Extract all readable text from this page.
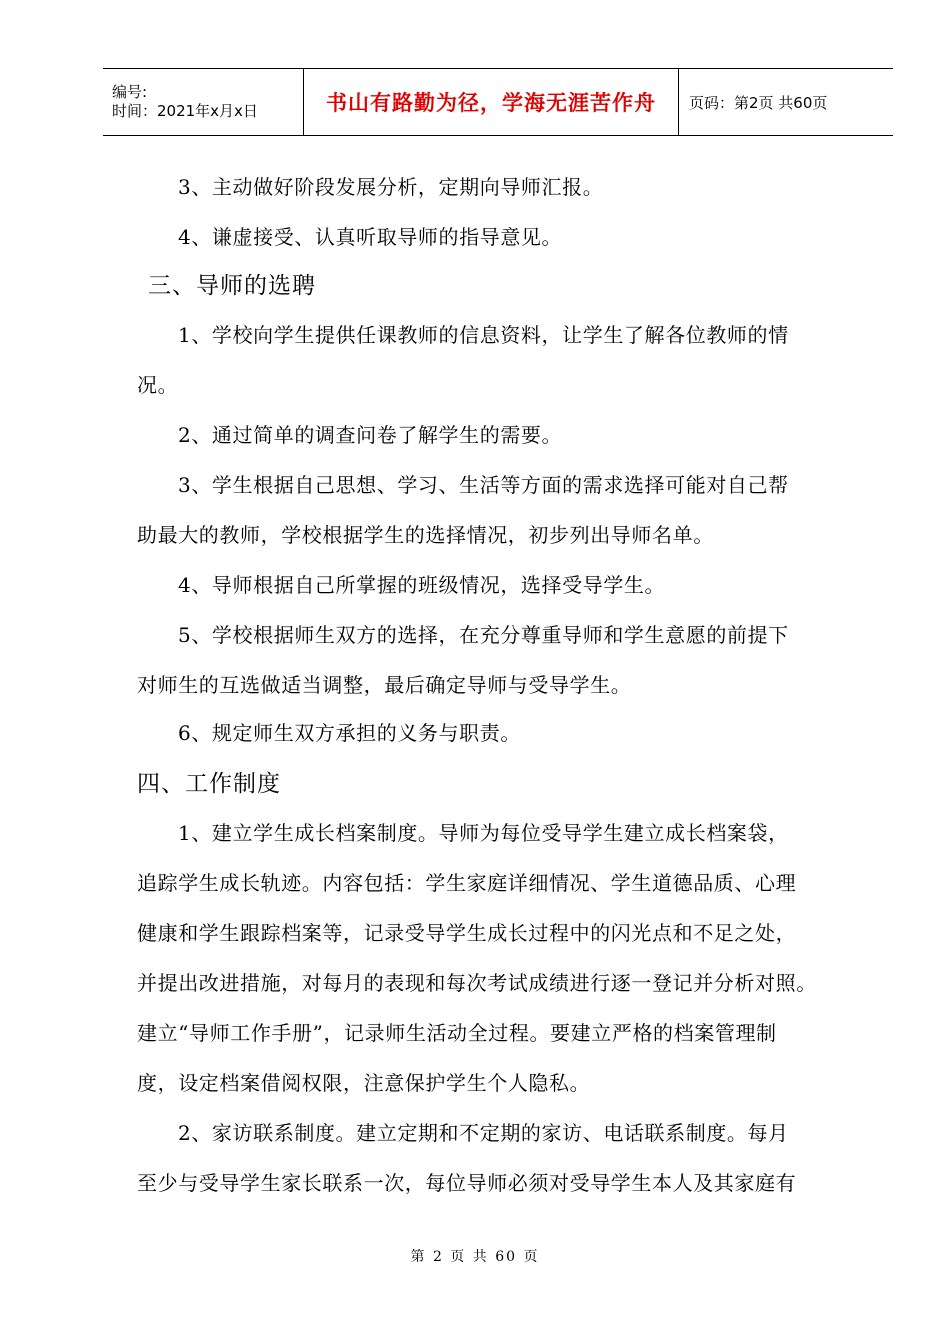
编号:
时间：2021年x月x日	书山有路勤为径，学海无涯苦作舟 页码：第2页 共60页
3、主动做好阶段发展分析，定期向导师汇报。
4、谦虚接受、认真听取导师的指导意见。
三、导师的选聘
1、学校向学生提供任课教师的信息资料，让学生了解各位教师的情
况。
2、通过简单的调查问卷了解学生的需要。
3、学生根据自己思想、学习、生活等方面的需求选择可能对自己帮
助最大的教师，学校根据学生的选择情况，初步列出导师名单。
4、导师根据自己所掌握的班级情况，选择受导学生。
5、学校根据师生双方的选择，在充分尊重导师和学生意愿的前提下
对师生的互选做适当调整，最后确定导师与受导学生。
6、规定师生双方承担的义务与职责。
四、工作制度
1、建立学生成长档案制度。导师为每位受导学生建立成长档案袋，
追踪学生成长轨迹。内容包括：学生家庭详细情况、学生道德品质、心理
健康和学生跟踪档案等，记录受导学生成长过程中的闪光点和不足之处，
并提出改进措施，对每月的表现和每次考试成绩进行逐一登记并分析对照。
建立“导师工作手册”，记录师生活动全过程。要建立严格的档案管理制
度，设定档案借阅权限，注意保护学生个人隐私。
2、家访联系制度。建立定期和不定期的家访、电话联系制度。每月
至少与受导学生家长联系一次，每位导师必须对受导学生本人及其家庭有
第 2 页 共 60 页
